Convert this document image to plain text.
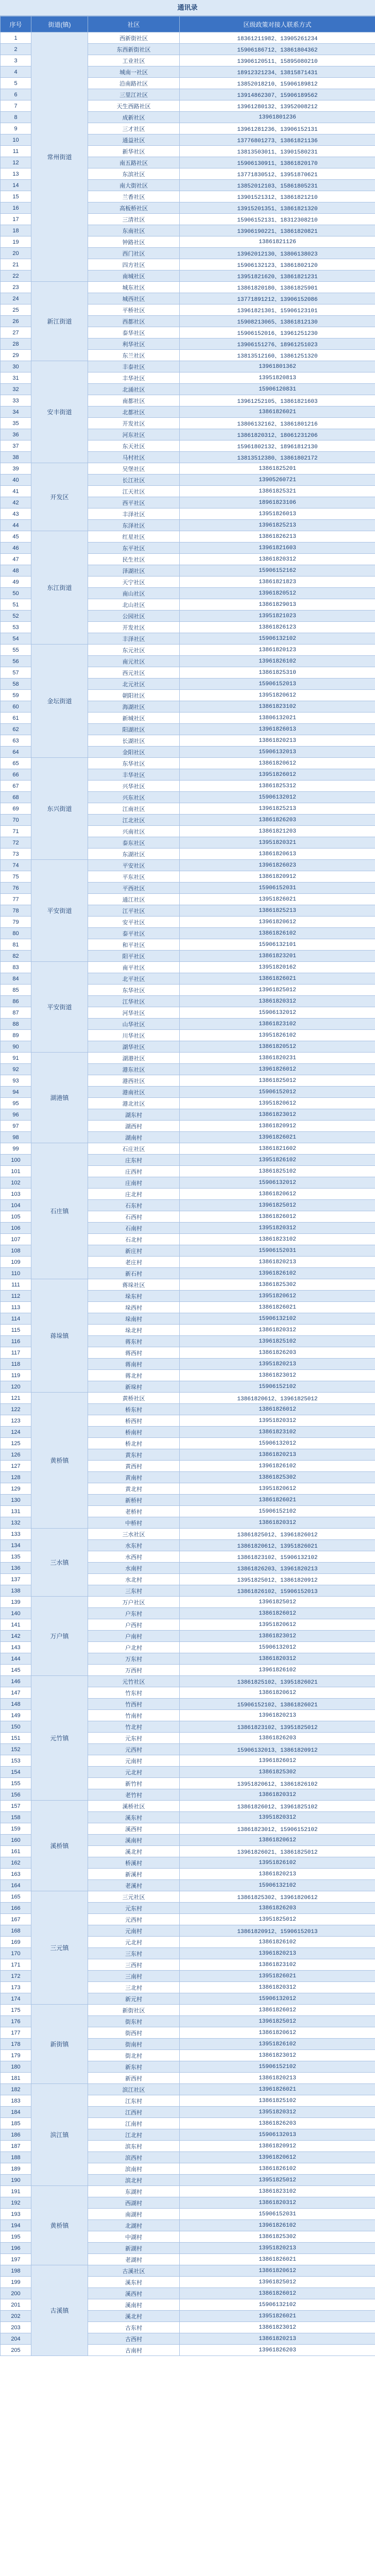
通讯录
序号	街道(镇)	社区	区级政策对接人联系方式
1	常州街道	西新街社区	18361211982、13905261234
2		东西新街社区	15906186712、13861804362
3		工业社区	13906120511、15895080210
4		城南一社区	18912321234、13815871431
5		沿南路社区	13852018210、15906189812
6		三里江社区	13914862307、15906189562
7		天生西路社区	13961280132、13952008212
8		成新社区	13961801236
9		三才社区	13961281236、13906152131
10		通益社区	13776801273、13861821136
11		新华社区	13813503011、13901580231
12		南五路社区	15906130911、13861820170
13		东滨社区	13771830512、13951870621
14		南大街社区	13852012103、15861805231
15		兰香社区	13901521312、13861821210
16		高板桥社区	13915201351、13861821320
17		三清社区	15906152131、18312308210
18		东南社区	13906190221、13861820821
19		钟路社区	13861821126
20		西门社区	13962012130、13806138023
21		四方社区	15906132123、13861802120
22		南城社区	13951821620、13861821231
23	新江街道	城东社区	13861820180、13861825901
24		城西社区	13771891212、13906152086
25		平桥社区	13961821301、15906123101
26		西都社区	15908213065、13861812130
27		泰华社区	15906152016、13961251230
28		利华社区	13906151276、18961251023
29		东兰社区	13813512160、13861251320
30	安丰街道	丰泰社区	13961801362
31		丰华社区	13951820813
32		北涌社区	15906120831
33		南都社区	13961252105、13861821603
34		北都社区	13861826021
35		开发社区	13806132162、13861801216
36		河东社区	13861820312、18061231206
37		东天社区	15961802132、18961812130
38		马村社区	13813512380、13861802172
39	开发区	吴堡社区	13861825201
40		长江社区	13905260721
41		江天社区	13861825321
42		西平社区	18961823106
43		丰泽社区	13951826013
44		东泽社区	13961825213
45	东江街道	红星社区	13861826213
46		东平社区	13961821603
47		民生社区	13861820312
48		泽湖社区	15906152162
49		天宁社区	13861821823
50		南山社区	13961820512
51		北山社区	13861829013
52		公园社区	13951821023
53		开发社区	13861826123
54		丰泽社区	15906132102
55	金坛街道	东元社区	13861820123
56		南元社区	13961826102
57		西元社区	13861825310
58		北元社区	15906152013
59		朝阳社区	13951820612
60		海湖社区	13861823102
61		新城社区	13806132021
62		阳湖社区	13961826013
63		长湖社区	13861820213
64		金阳社区	15906132013
65	东兴街道	东华社区	13861820612
66		丰华社区	13951826012
67		兴华社区	13861825312
68		兴东社区	15906132012
69		江南社区	13961825213
70		江北社区	13861826203
71		兴南社区	13861821203
72		泰东社区	13951820321
73		东湖社区	13861820613
74	平安街道	平安社区	13961826023
75		平东社区	13861820912
76		平西社区	15906152031
77		通江社区	13951826021
78		江平社区	13861825213
79		安平社区	13961820612
80		泰平社区	13861826102
81		和平社区	15906132101
82		阳平社区	13861823201
83	平安街道	南平社区	13951820162
84		北平社区	13861826021
85		东华社区	13961825012
86		江华社区	13861820312
87		河华社区	15906132012
88		山华社区	13861823102
89		川华社区	13951826102
90		湖华社区	13861820512
91	湖港镇	湖港社区	13861820231
92		港东社区	13961826012
93		港西社区	13861825012
94		港南社区	15906152012
95		港北社区	13951820612
96		湖东村	13861823012
97		湖西村	13861820912
98		湖南村	13961826021
99	石庄镇	石庄社区	13861821602
100		庄东村	13951826102
101		庄西村	13861825102
102		庄南村	15906132012
103		庄北村	13861820612
104		石东村	13961825012
105		石西村	13861826012
106		石南村	13951820312
107		石北村	13861823102
108		新庄村	15906152031
109		老庄村	13861820213
110		新石村	13961826102
111	蒋垛镇	蒋垛社区	13861825302
112		垛东村	13951820612
113		垛西村	13861826021
114		垛南村	15906132102
115		垛北村	13861820312
116		蒋东村	13961825102
117		蒋西村	13861826203
118		蒋南村	13951820213
119		蒋北村	13861823012
120		新垛村	15906152102
121	黄桥镇	黄桥社区	13861820612、13961825012
122		桥东村	13861826012
123		桥西村	13951820312
124		桥南村	13861823102
125		桥北村	15906132012
126		黄东村	13861820213
127		黄西村	13961826102
128		黄南村	13861825302
129		黄北村	13951820612
130		新桥村	13861826021
131		老桥村	15906152102
132		中桥村	13861820312
133	三水镇	三水社区	13861825012、13961826012
134		水东村	13861820612、13951826021
135		水西村	13861823102、15906132102
136		水南村	13861826203、13961820213
137		水北村	13951825012、13861820912
138		三东村	13861826102、15906152013
139	万户镇	万户社区	13961825012
140		户东村	13861826012
141		户西村	13951820612
142		户南村	13861823012
143		户北村	15906132012
144		万东村	13861820312
145		万西村	13961826102
146	元竹镇	元竹社区	13861825102、13951826021
147		竹东村	13861820612
148		竹西村	15906152102、13861826021
149		竹南村	13961820213
150		竹北村	13861823102、13951825012
151		元东村	13861826203
152		元西村	15906132013、13861820912
153		元南村	13961826012
154		元北村	13861825302
155		新竹村	13951820612、13861826102
156		老竹村	13861820312
157	溪桥镇	溪桥社区	13861826012、13961825102
158		溪东村	13951820312
159		溪西村	13861823012、15906152102
160		溪南村	13861820612
161		溪北村	13961826021、13861825012
162		桥溪村	13951826102
163		新溪村	13861820213
164		老溪村	15906132102
165	三元镇	三元社区	13861825302、13961820612
166		元东村	13861826203
167		元西村	13951825012
168		元南村	13861820912、15906152013
169		元北村	13861826102
170		三东村	13961820213
171		三西村	13861823102
172		三南村	13951826021
173		三北村	13861820312
174		新元村	15906132012
175	新街镇	新街社区	13861826012
176		街东村	13961825012
177		街西村	13861820612
178		街南村	13951826102
179		街北村	13861823012
180		新东村	15906152102
181		新西村	13861820213
182	滨江镇	滨江社区	13961826021
183		江东村	13861825102
184		江西村	13951820312
185		江南村	13861826203
186		江北村	15906132013
187		滨东村	13861820912
188		滨西村	13961820612
189		滨南村	13861826102
190		滨北村	13951825012
191	黄桥镇	东湖村	13861823102
192		西湖村	13861820312
193		南湖村	15906152031
194		北湖村	13961826102
195		中湖村	13861825302
196		新湖村	13951820213
197		老湖村	13861826021
198	古溪镇	古溪社区	13861820612
199		溪东村	13961825012
200		溪西村	13861826012
201		溪南村	15906132102
202		溪北村	13951826021
203		古东村	13861823012
204		古西村	13861820213
205		古南村	13961826203
